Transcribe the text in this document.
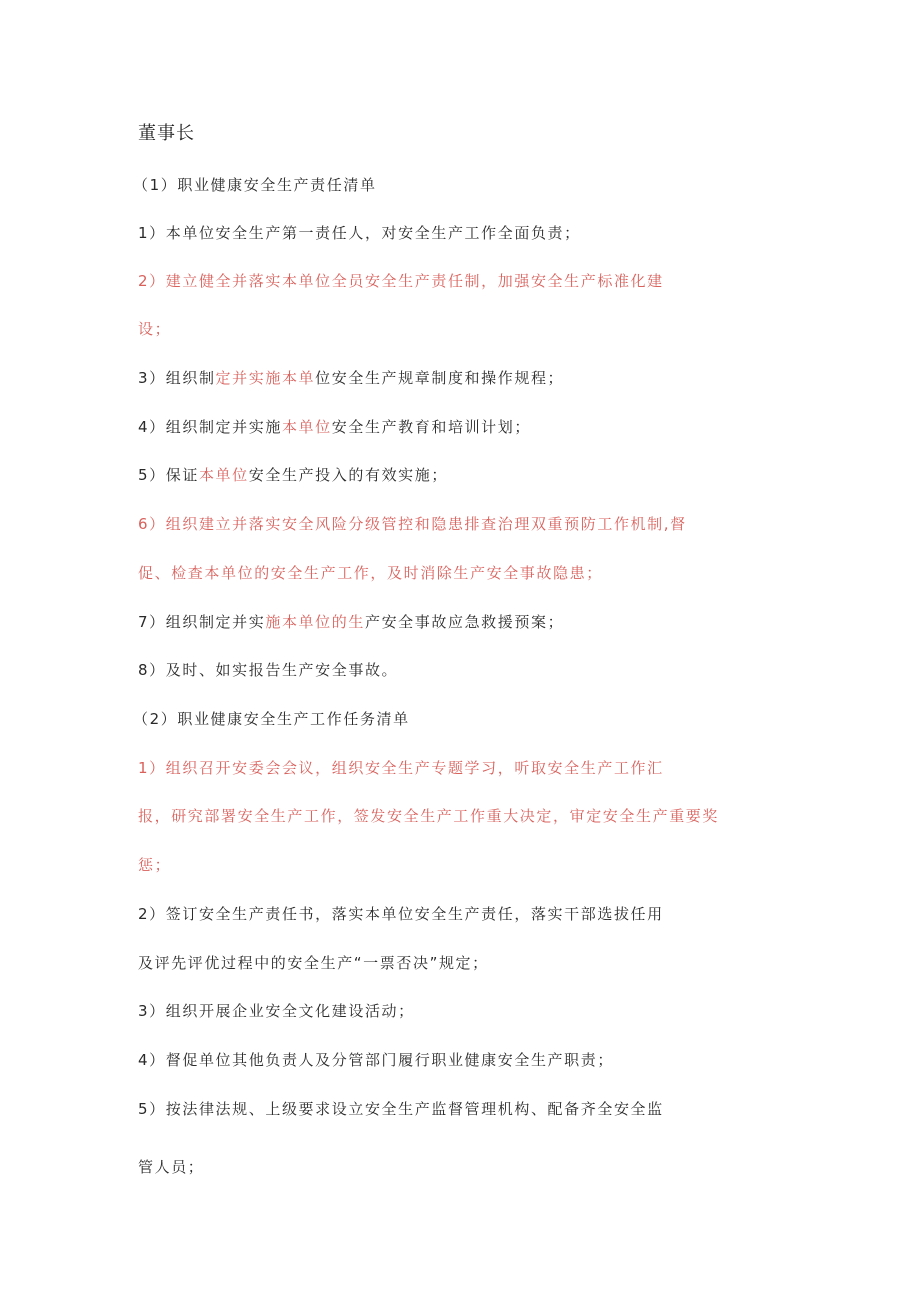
董事长
（1）职业健康安全生产责任清单
1）本单位安全生产第一责任人，对安全生产工作全面负责；
2）建立健全并落实本单位全员安全生产责任制，加强安全生产标准化建
设；
3）组织制定并实施本单位安全生产规章制度和操作规程；
4）组织制定并实施本单位安全生产教育和培训计划；
5）保证本单位安全生产投入的有效实施；
6）组织建立并落实安全风险分级管控和隐患排查治理双重预防工作机制,督
促、检查本单位的安全生产工作，及时消除生产安全事故隐患；
7）组织制定并实施本单位的生产安全事故应急救援预案；
8）及时、如实报告生产安全事故。
（2）职业健康安全生产工作任务清单
1）组织召开安委会会议，组织安全生产专题学习，听取安全生产工作汇
报，研究部署安全生产工作，签发安全生产工作重大决定，审定安全生产重要奖
惩；
2）签订安全生产责任书，落实本单位安全生产责任，落实干部选拔任用
及评先评优过程中的安全生产“一票否决”规定；
3）组织开展企业安全文化建设活动；
4）督促单位其他负责人及分管部门履行职业健康安全生产职责；
5）按法律法规、上级要求设立安全生产监督管理机构、配备齐全安全监
管人员；
